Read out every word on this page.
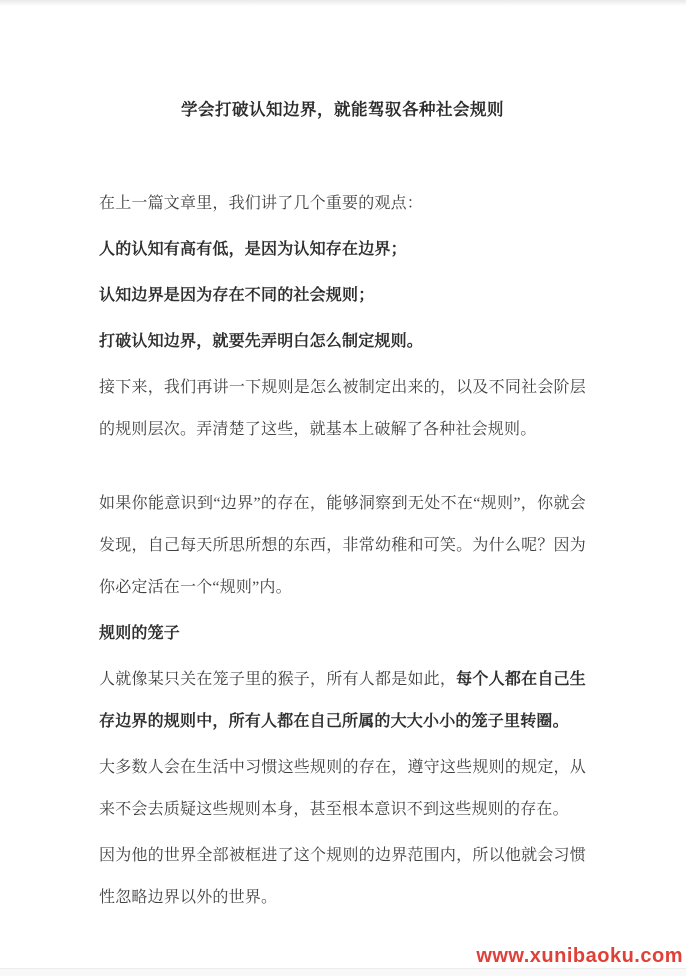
学会打破认知边界，就能驾驭各种社会规则

在上一篇文章里，我们讲了几个重要的观点：

人的认知有高有低，是因为认知存在边界；

认知边界是因为存在不同的社会规则；

打破认知边界，就要先弄明白怎么制定规则。

接下来，我们再讲一下规则是怎么被制定出来的，以及不同社会阶层的规则层次。弄清楚了这些，就基本上破解了各种社会规则。

如果你能意识到“边界”的存在，能够洞察到无处不在“规则”，你就会发现，自己每天所思所想的东西，非常幼稚和可笑。为什么呢？因为你必定活在一个“规则”内。

规则的笼子

人就像某只关在笼子里的猴子，所有人都是如此，每个人都在自己生存边界的规则中，所有人都在自己所属的大大小小的笼子里转圈。

大多数人会在生活中习惯这些规则的存在，遵守这些规则的规定，从来不会去质疑这些规则本身，甚至根本意识不到这些规则的存在。

因为他的世界全部被框进了这个规则的边界范围内，所以他就会习惯性忽略边界以外的世界。

www.xunibaoku.com
